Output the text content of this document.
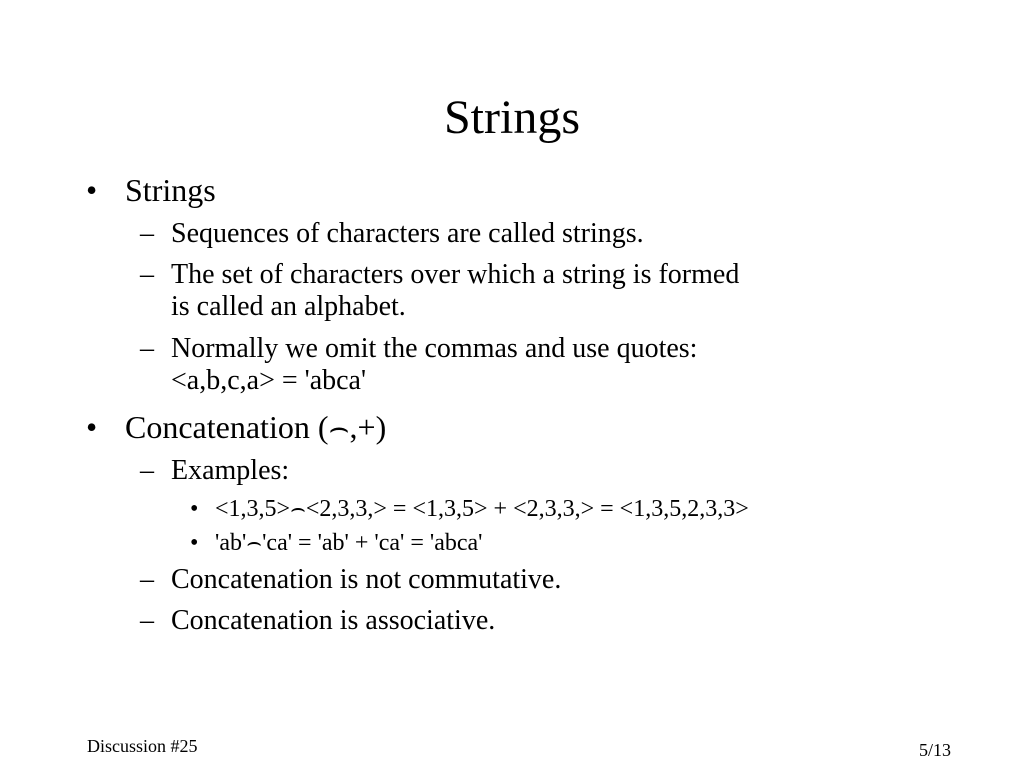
Strings
• Strings
– Sequences of characters are called strings.
– The set of characters over which a string is formed
is called an alphabet.
– Normally we omit the commas and use quotes:
<a,b,c,a> = 'abca'
• Concatenation (⌢,+)
– Examples:
• <1,3,5>⌢<2,3,3,> = <1,3,5> + <2,3,3,> = <1,3,5,2,3,3>
• 'ab'⌢'ca' = 'ab' + 'ca' = 'abca'
– Concatenation is not commutative.
– Concatenation is associative.
Discussion #25	5/13
